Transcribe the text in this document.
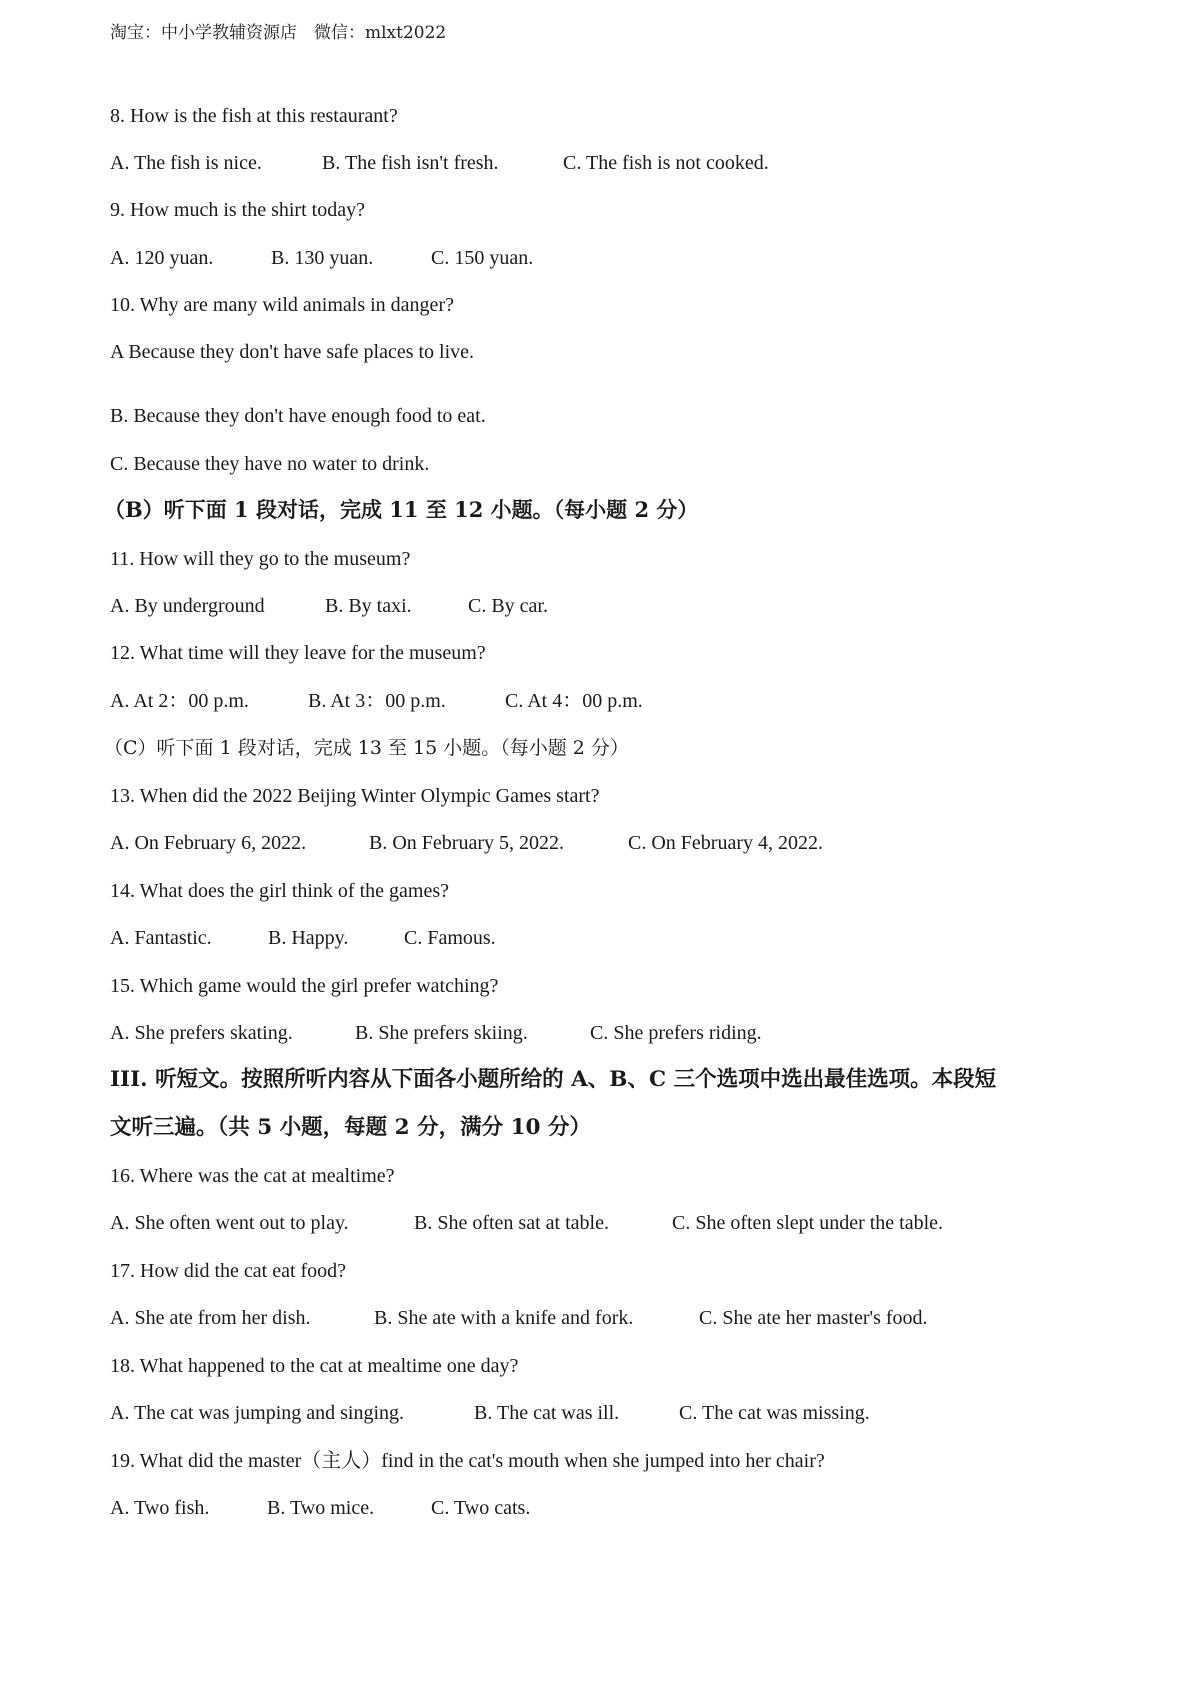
淘宝：中小学教辅资源店　微信：mlxt2022
8. How is the fish at this restaurant?
A. The fish is nice.	B. The fish isn't fresh.	C. The fish is not cooked.
9. How much is the shirt today?
A. 120 yuan.	B. 130 yuan.	C. 150 yuan.
10. Why are many wild animals in danger?
A Because they don't have safe places to live.
B. Because they don't have enough food to eat.
C. Because they have no water to drink.
（B）听下面 1 段对话，完成 11 至 12 小题。（每小题 2 分）
11. How will they go to the museum?
A. By underground	B. By taxi.	C. By car.
12. What time will they leave for the museum?
A. At 2：00 p.m.	B. At 3：00 p.m.	C. At 4：00 p.m.
（C）听下面 1 段对话，完成 13 至 15 小题。（每小题 2 分）
13. When did the 2022 Beijing Winter Olympic Games start?
A. On February 6, 2022.	B. On February 5, 2022.	C. On February 4, 2022.
14. What does the girl think of the games?
A. Fantastic.	B. Happy.	C. Famous.
15. Which game would the girl prefer watching?
A. She prefers skating.	B. She prefers skiing.	C. She prefers riding.
III. 听短文。按照所听内容从下面各小题所给的 A、B、C 三个选项中选出最佳选项。本段短
文听三遍。（共 5 小题，每题 2 分，满分 10 分）
16. Where was the cat at mealtime?
A. She often went out to play.	B. She often sat at table.	C. She often slept under the table.
17. How did the cat eat food?
A. She ate from her dish.	B. She ate with a knife and fork.	C. She ate her master's food.
18. What happened to the cat at mealtime one day?
A. The cat was jumping and singing.	B. The cat was ill.	C. The cat was missing.
19. What did the master（主人）find in the cat's mouth when she jumped into her chair?
A. Two fish.	B. Two mice.	C. Two cats.
